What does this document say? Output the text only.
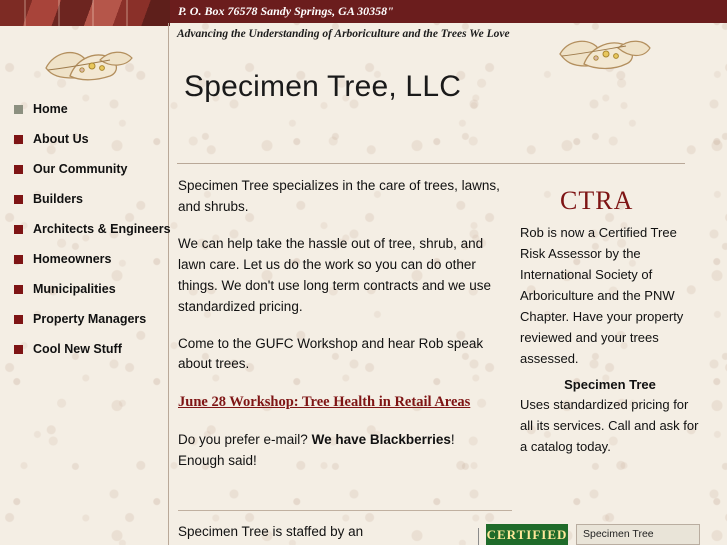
P. O. Box 76578 Sandy Springs, GA 30358"
Advancing the Understanding of Arboriculture and the Trees We Love
Specimen Tree, LLC
Home
About Us
Our Community
Builders
Architects & Engineers
Homeowners
Municipalities
Property Managers
Cool New Stuff

Specimen Tree specializes in the care of trees, lawns, and shrubs.

We can help take the hassle out of tree, shrub, and lawn care. Let us do the work so you can do other things. We don't use long term contracts and we use standardized pricing.

Come to the GUFC Workshop and hear Rob speak about trees.

June 28 Workshop: Tree Health in Retail Areas

Do you prefer e-mail? We have Blackberries!
Enough said!

Specimen Tree is staffed by an
CTRA

Rob is now a Certified Tree Risk Assessor by the International Society of Arboriculture and the PNW Chapter. Have your property reviewed and your trees assessed.

Specimen Tree

Uses standardized pricing for all its services. Call and ask for a catalog today.

CERTIFIED	Specimen Tree
